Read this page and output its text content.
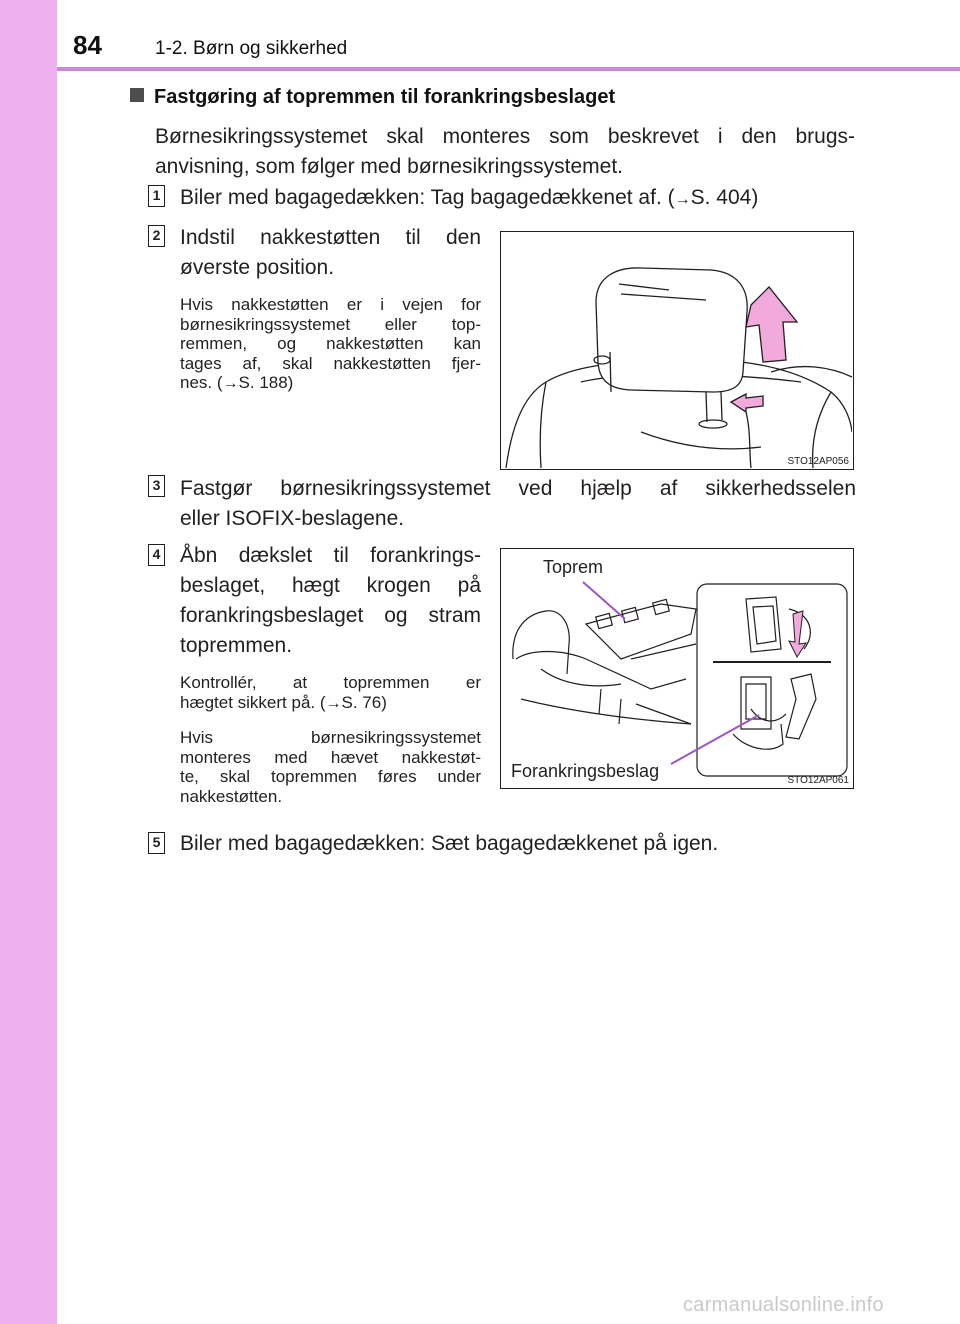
84	1-2. Børn og sikkerhed
Fastgøring af topremmen til forankringsbeslaget
Børnesikringssystemet skal monteres som beskrevet i den brugs-
anvisning, som følger med børnesikringssystemet.
1 Biler med bagagedækken: Tag bagagedækkenet af. (→S. 404)
2 Indstil nakkestøtten til den
øverste position.
Hvis nakkestøtten er i vejen for
børnesikringssystemet eller top-
remmen, og nakkestøtten kan
tages af, skal nakkestøtten fjer-
nes. (→S. 188)
STO12AP056
3 Fastgør børnesikringssystemet ved hjælp af sikkerhedsselen
eller ISOFIX-beslagene.
4 Åbn dækslet til forankrings-
beslaget, hægt krogen på
forankringsbeslaget og stram
topremmen.
Kontrollér, at topremmen er
hægtet sikkert på. (→S. 76)
Hvis børnesikringssystemet
monteres med hævet nakkestøt-
te, skal topremmen føres under
nakkestøtten.
Toprem
Forankringsbeslag	STO12AP061
5 Biler med bagagedækken: Sæt bagagedækkenet på igen.
carmanualsonline.info
